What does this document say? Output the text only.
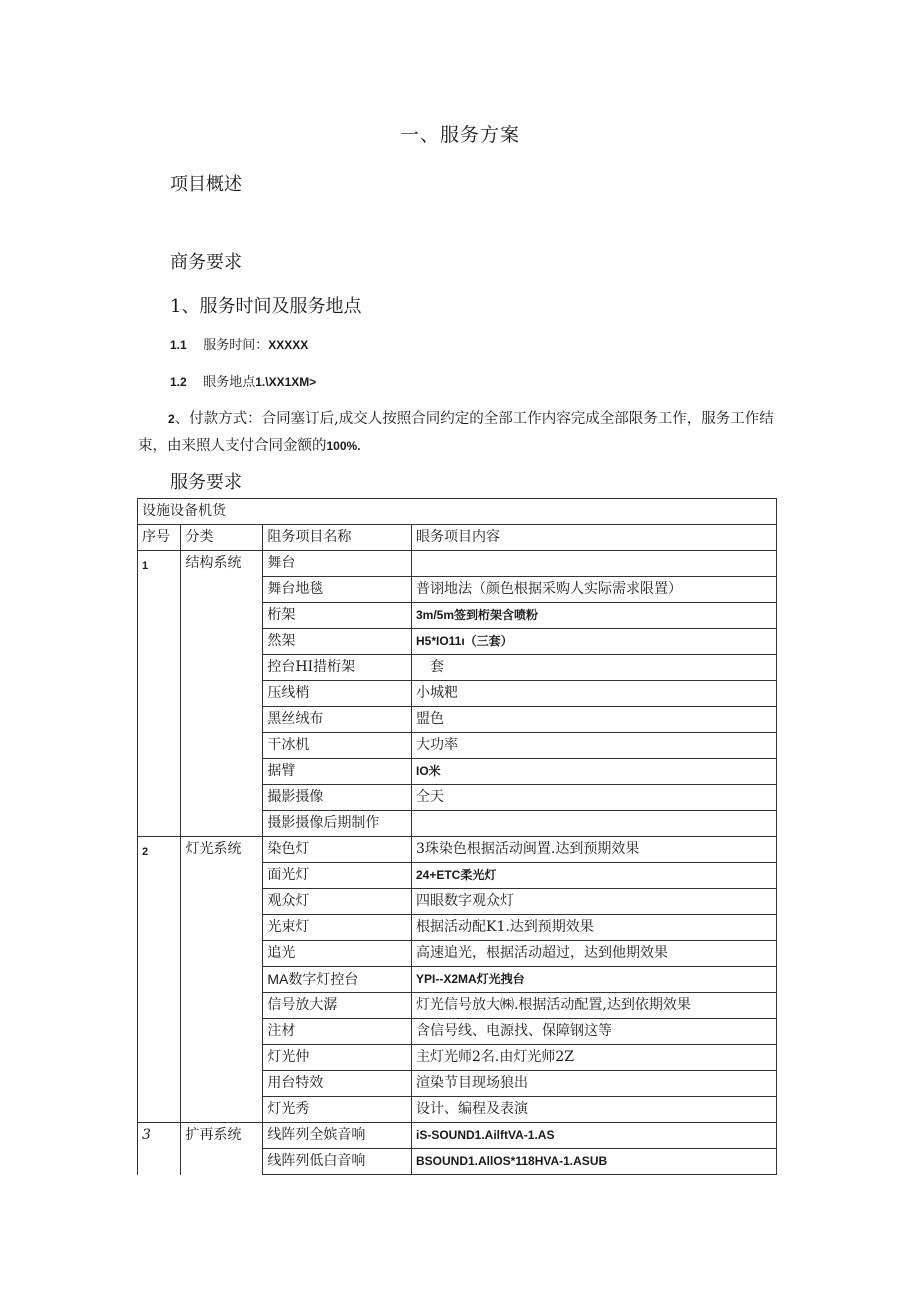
一、服务方案
项目概述
商务要求
1、服务时间及服务地点
1.1 服务时间：XXXXX
1.2 眼务地点1.\XX1XM>
2、付款方式：合同塞订后,成交人按照合同约定的全部工作内容完成全部限务工作，服务工作结束，由来照人支付合同金额的100%.
服务要求
设施设备机货			
序号	分类	阻务项目名称	眼务项目内容
1	结构系统	舞台	
		舞台地毯	普诩地法（颜色根据采购人实际需求限置）
		桁架	3m/5m签到桁架含喷粉
		然架	H5*IO11ı（三套）
		控台HI措桁架	　套
		压线梢	小城粑
		黑丝绒布	盟色
		干冰机	大功率
		据臂	IO米
		撮影摄像	仝天
		摄影摄像后期制作	
2	灯光系统	染色灯	3珠染色根据活动闽置.达到预期效果
		面光灯	24+ETC柔光灯
		观众灯	四眼数字观众灯
		光束灯	根据活动配K1.达到预期效果
		追光	高速追光，根据活动超过，达到他期效果
		MA数字灯控台	YPI--X2MA灯光拽台
		信号放大潺	灯光信号放大㈱.根据活动配置,达到依期效果
		注材	含信号线、电源找、保障钢这等
		灯光仲	主灯光师2名.由灯光师2Z
		用台特效	渲染节目现场狼出
		灯光秀	设计、编程及表演
3	扩再系统	线阵列全嫔音响	iS-SOUND1.AilftVA-1.AS
		线阵列低白音响	BSOUND1.AllOS*118HVA-1.ASUB
